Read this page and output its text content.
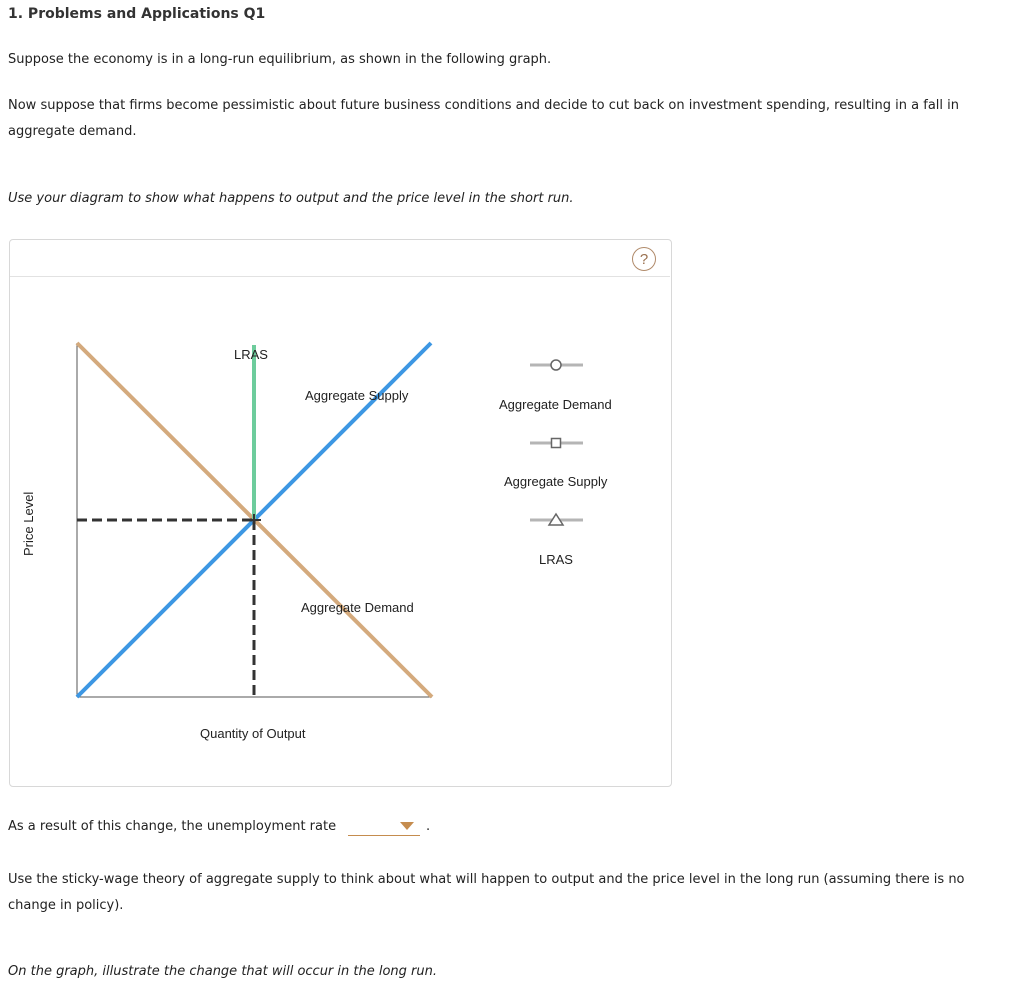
1. Problems and Applications Q1
Suppose the economy is in a long-run equilibrium, as shown in the following graph.
Now suppose that firms become pessimistic about future business conditions and decide to cut back on investment spending, resulting in a fall in
aggregate demand.
Use your diagram to show what happens to output and the price level in the short run.
?
LRAS
Aggregate Supply
Aggregate Demand
Quantity of Output
Price Level
Aggregate Demand
Aggregate Supply
LRAS
As a result of this change, the unemployment rate	.
Use the sticky-wage theory of aggregate supply to think about what will happen to output and the price level in the long run (assuming there is no
change in policy).
On the graph, illustrate the change that will occur in the long run.
